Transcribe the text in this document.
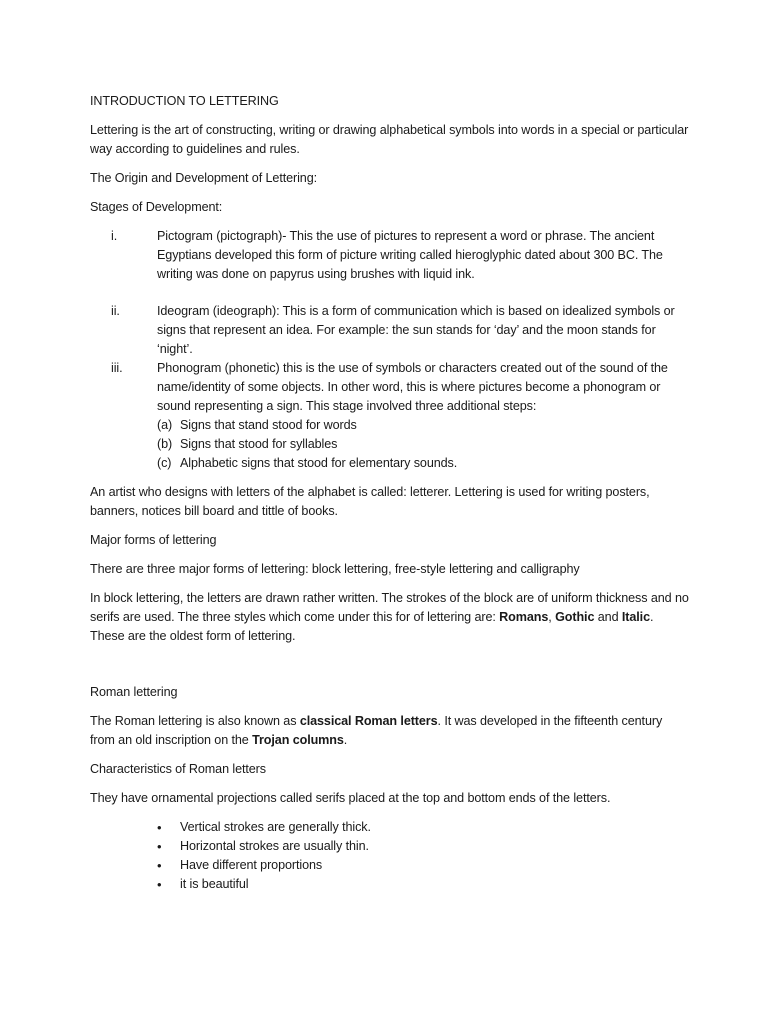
INTRODUCTION TO LETTERING

Lettering is the art of constructing, writing or drawing alphabetical symbols into words in a special or particular way according to guidelines and rules.

The Origin and Development of Lettering:

Stages of Development:

i.	Pictogram (pictograph)- This the use of pictures to represent a word or phrase. The ancient Egyptians developed this form of picture writing called hieroglyphic dated about 300 BC. The writing was done on papyrus using brushes with liquid ink.
ii.	Ideogram (ideograph): This is a form of communication which is based on idealized symbols or signs that represent an idea. For example: the sun stands for ‘day’ and the moon stands for ‘night’.
iii.	Phonogram (phonetic) this is the use of symbols or characters created out of the sound of the name/identity of some objects. In other word, this is where pictures become a phonogram or sound representing a sign. This stage involved three additional steps:
(a) Signs that stand stood for words
(b) Signs that stood for syllables
(c) Alphabetic signs that stood for elementary sounds.

An artist who designs with letters of the alphabet is called: letterer. Lettering is used for writing posters, banners, notices bill board and tittle of books.

Major forms of lettering

There are three major forms of lettering: block lettering, free-style lettering and calligraphy

In block lettering, the letters are drawn rather written. The strokes of the block are of uniform thickness and no serifs are used. The three styles which come under this for of lettering are: Romans, Gothic and Italic. These are the oldest form of lettering.

Roman lettering

The Roman lettering is also known as classical Roman letters. It was developed in the fifteenth century from an old inscription on the Trojan columns.

Characteristics of Roman letters

They have ornamental projections called serifs placed at the top and bottom ends of the letters.

•	Vertical strokes are generally thick.
•	Horizontal strokes are usually thin.
•	Have different proportions
•	it is beautiful
